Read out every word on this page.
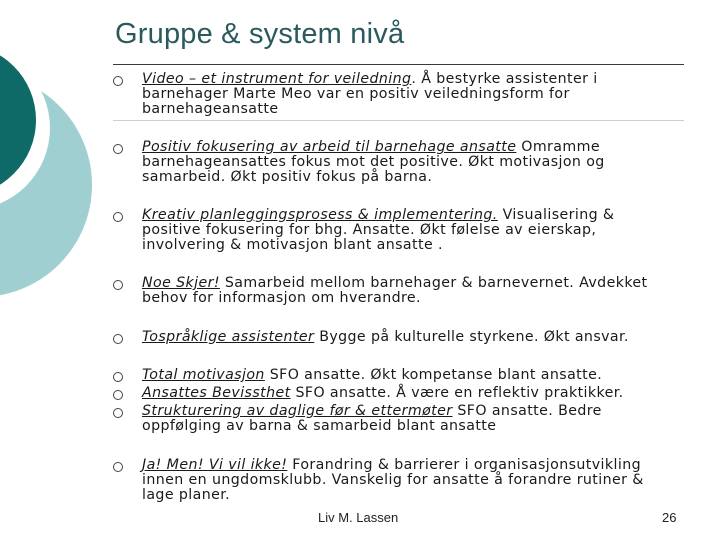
Gruppe & system nivå
Video – et instrument for veiledning. Å bestyrke assistenter i barnehager Marte Meo var en positiv veiledningsform for barnehageansatte
Positiv fokusering av arbeid til barnehage ansatte Omramme barnehageansattes fokus mot det positive. Økt motivasjon og samarbeid. Økt positiv fokus på barna.
Kreativ planleggingsprosess & implementering. Visualisering & positive fokusering for bhg. Ansatte. Økt følelse av eierskap, involvering & motivasjon blant ansatte .
Noe Skjer! Samarbeid mellom barnehager & barnevernet. Avdekket behov for informasjon om hverandre.
Tospråklige assistenter Bygge på kulturelle styrkene. Økt ansvar.
Total motivasjon SFO ansatte. Økt kompetanse blant ansatte.
Ansattes Bevissthet SFO ansatte. Å være en reflektiv praktikker.
Strukturering av daglige før & ettermøter SFO ansatte. Bedre oppfølging av barna & samarbeid blant ansatte
Ja! Men! Vi vil ikke! Forandring & barrierer i organisasjonsutvikling innen en ungdomsklubb. Vanskelig for ansatte å forandre rutiner & lage planer.
Liv M. Lassen	26
